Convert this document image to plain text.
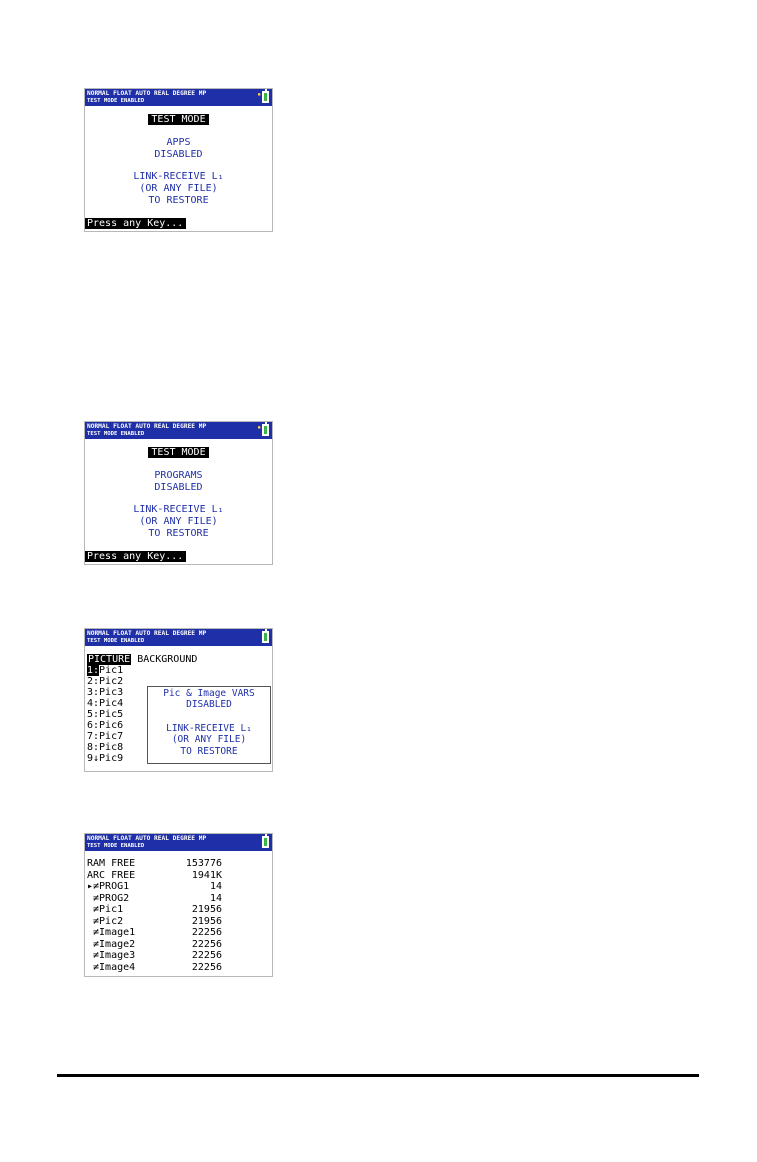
NORMAL FLOAT AUTO REAL DEGREE MP
TEST MODE ENABLED
▪
TEST MODE
APPS
DISABLED
LINK-RECEIVE L₁
(OR ANY FILE)
TO RESTORE
Press any Key...
NORMAL FLOAT AUTO REAL DEGREE MP
TEST MODE ENABLED
▪
TEST MODE
PROGRAMS
DISABLED
LINK-RECEIVE L₁
(OR ANY FILE)
TO RESTORE
Press any Key...
NORMAL FLOAT AUTO REAL DEGREE MP
TEST MODE ENABLED
PICTURE BACKGROUND
1:Pic1
2:Pic2
3:Pic3
4:Pic4
5:Pic5
6:Pic6
7:Pic7
8:Pic8
9↓Pic9
Pic & Image VARS
DISABLED
LINK-RECEIVE L₁
(OR ANY FILE)
TO RESTORE
NORMAL FLOAT AUTO REAL DEGREE MP
TEST MODE ENABLED
RAM FREE	153776
ARC FREE	1941K
▸≠PROG1	14
≠PROG2	14
≠Pic1	21956
≠Pic2	21956
≠Image1	22256
≠Image2	22256
≠Image3	22256
≠Image4	22256
